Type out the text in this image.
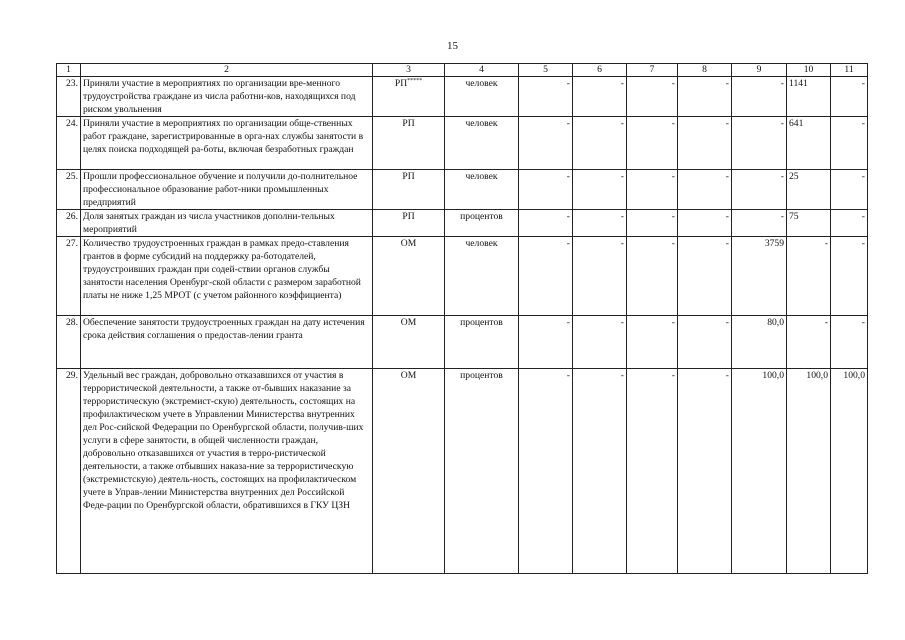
15
1	2	3	4	5	6	7	8	9	10	11
23.	Приняли участие в мероприятиях по организации вре-менного трудоустройства граждане из числа работни-ков, находящихся под риском увольнения	РП*****	человек	-	-	-	-	-	1141	-
24.	Приняли участие в мероприятиях по организации обще-ственных работ граждане, зарегистрированные в орга-нах службы занятости в целях поиска подходящей ра-боты, включая безработных граждан	РП	человек	-	-	-	-	-	641	-
25.	Прошли профессиональное обучение и получили до-полнительное профессиональное образование работ-ники промышленных предприятий	РП	человек	-	-	-	-	-	25	-
26.	Доля занятых граждан из числа участников дополни-тельных мероприятий	РП	процентов	-	-	-	-	-	75	-
27.	Количество трудоустроенных граждан в рамках предо-ставления грантов в форме субсидий на поддержку ра-ботодателей, трудоустроивших граждан при содей-ствии органов службы занятости населения Оренбург-ской области с размером заработной платы не ниже 1,25 МРОТ (с учетом районного коэффициента)	ОМ	человек	-	-	-	-	3759	-	-
28.	Обеспечение занятости трудоустроенных граждан на дату истечения срока действия соглашения о предостав-лении гранта	ОМ	процентов	-	-	-	-	80,0	-	-
29.	Удельный вес граждан, добровольно отказавшихся от участия в террористической деятельности, а также от-бывших наказание за террористическую (экстремист-скую) деятельность, состоящих на профилактическом учете в Управлении Министерства внутренних дел Рос-сийской Федерации по Оренбургской области, получив-ших услуги в сфере занятости, в общей численности граждан, добровольно отказавшихся от участия в терро-ристической деятельности, а также отбывших наказа-ние за террористическую (экстремистскую) деятель-ность, состоящих на профилактическом учете в Управ-лении Министерства внутренних дел Российской Феде-рации по Оренбургской области, обратившихся в ГКУ ЦЗН	ОМ	процентов	-	-	-	-	100,0	100,0	100,0
